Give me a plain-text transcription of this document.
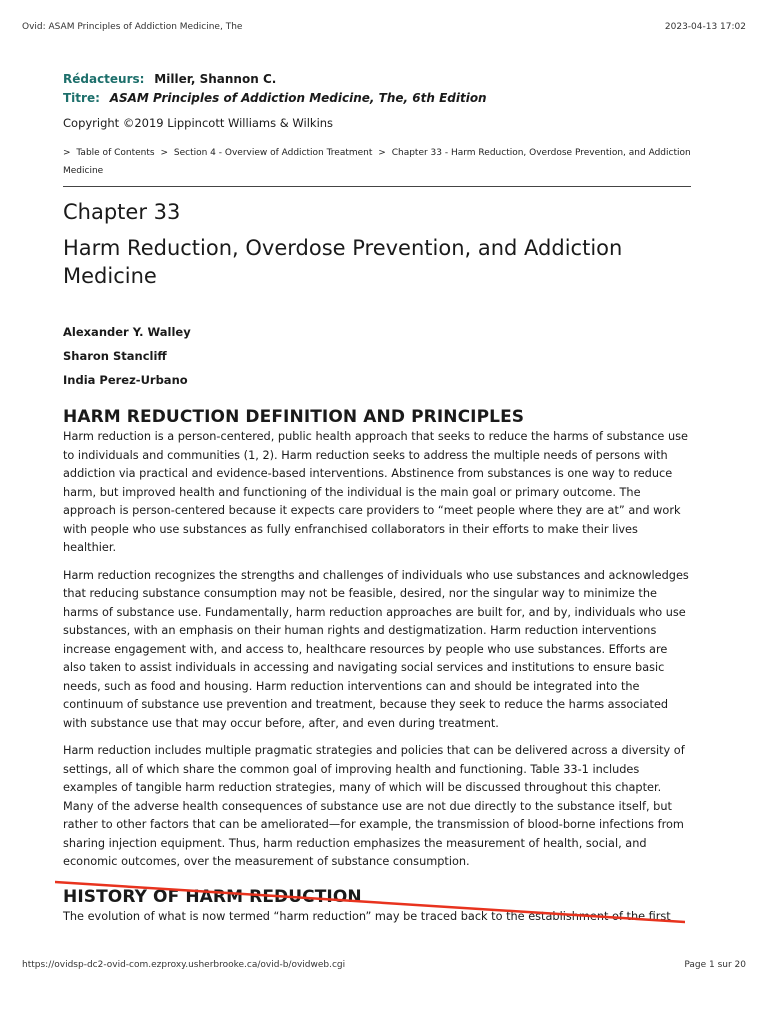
Ovid: ASAM Principles of Addiction Medicine, The	2023-04-13 17:02
Rédacteurs: Miller, Shannon C.
Titre: ASAM Principles of Addiction Medicine, The, 6th Edition
Copyright ©2019 Lippincott Williams & Wilkins
> Table of Contents > Section 4 - Overview of Addiction Treatment > Chapter 33 - Harm Reduction, Overdose Prevention, and Addiction Medicine
Chapter 33
Harm Reduction, Overdose Prevention, and Addiction Medicine
Alexander Y. Walley
Sharon Stancliff
India Perez-Urbano
HARM REDUCTION DEFINITION AND PRINCIPLES

Harm reduction is a person-centered, public health approach that seeks to reduce the harms of substance use to individuals and communities (1, 2). Harm reduction seeks to address the multiple needs of persons with addiction via practical and evidence-based interventions. Abstinence from substances is one way to reduce harm, but improved health and functioning of the individual is the main goal or primary outcome. The approach is person-centered because it expects care providers to “meet people where they are at” and work with people who use substances as fully enfranchised collaborators in their efforts to make their lives healthier.

Harm reduction recognizes the strengths and challenges of individuals who use substances and acknowledges that reducing substance consumption may not be feasible, desired, nor the singular way to minimize the harms of substance use. Fundamentally, harm reduction approaches are built for, and by, individuals who use substances, with an emphasis on their human rights and destigmatization. Harm reduction interventions increase engagement with, and access to, healthcare resources by people who use substances. Efforts are also taken to assist individuals in accessing and navigating social services and institutions to ensure basic needs, such as food and housing. Harm reduction interventions can and should be integrated into the continuum of substance use prevention and treatment, because they seek to reduce the harms associated with substance use that may occur before, after, and even during treatment.

Harm reduction includes multiple pragmatic strategies and policies that can be delivered across a diversity of settings, all of which share the common goal of improving health and functioning. Table 33-1 includes examples of tangible harm reduction strategies, many of which will be discussed throughout this chapter. Many of the adverse health consequences of substance use are not due directly to the substance itself, but rather to other factors that can be ameliorated—for example, the transmission of blood-borne infections from sharing injection equipment. Thus, harm reduction emphasizes the measurement of health, social, and economic outcomes, over the measurement of substance consumption.

HISTORY OF HARM REDUCTION

The evolution of what is now termed “harm reduction” may be traced back to the establishment of the first

https://ovidsp-dc2-ovid-com.ezproxy.usherbrooke.ca/ovid-b/ovidweb.cgi	Page 1 sur 20
